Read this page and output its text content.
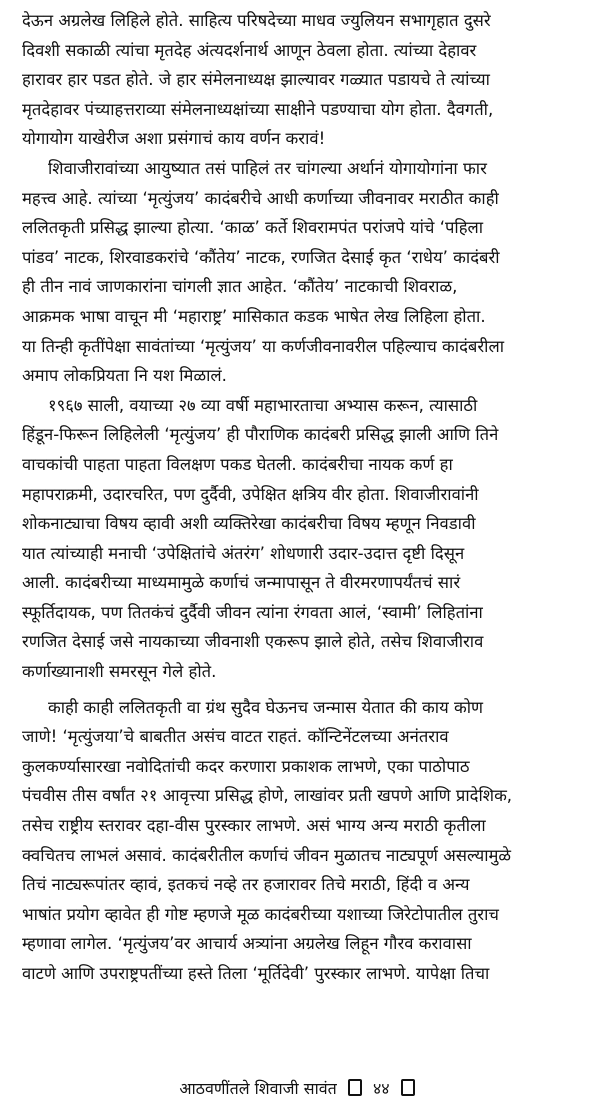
देऊन अग्रलेख लिहिले होते. साहित्य परिषदेच्या माधव ज्युलियन सभागृहात दुसरे

दिवशी सकाळी त्यांचा मृतदेह अंत्यदर्शनार्थ आणून ठेवला होता. त्यांच्या देहावर

हारावर हार पडत होते. जे हार संमेलनाध्यक्ष झाल्यावर गळ्यात पडायचे ते त्यांच्या

मृतदेहावर पंच्याहत्तराव्या संमेलनाध्यक्षांच्या साक्षीने पडण्याचा योग होता. दैवगती,

योगायोग याखेरीज अशा प्रसंगाचं काय वर्णन करावं!

शिवाजीरावांच्या आयुष्यात तसं पाहिलं तर चांगल्या अर्थानं योगायोगांना फार

महत्त्व आहे. त्यांच्या ‘मृत्युंजय’ कादंबरीचे आधी कर्णाच्या जीवनावर मराठीत काही

ललितकृती प्रसिद्ध झाल्या होत्या. ‘काळ’ कर्ते शिवरामपंत परांजपे यांचे ‘पहिला

पांडव’ नाटक, शिरवाडकरांचे ‘कौंतेय’ नाटक, रणजित देसाई कृत ‘राधेय’ कादंबरी

ही तीन नावं जाणकारांना चांगली ज्ञात आहेत. ‘कौंतेय’ नाटकाची शिवराळ,

आक्रमक भाषा वाचून मी ‘महाराष्ट्र’ मासिकात कडक भाषेत लेख लिहिला होता.

या तिन्ही कृतींपेक्षा सावंतांच्या ‘मृत्युंजय’ या कर्णजीवनावरील पहिल्याच कादंबरीला

अमाप लोकप्रियता नि यश मिळालं.

१९६७ साली, वयाच्या २७ व्या वर्षी महाभारताचा अभ्यास करून, त्यासाठी

हिंडून-फिरून लिहिलेली ‘मृत्युंजय’ ही पौराणिक कादंबरी प्रसिद्ध झाली आणि तिने

वाचकांची पाहता पाहता विलक्षण पकड घेतली. कादंबरीचा नायक कर्ण हा

महापराक्रमी, उदारचरित, पण दुर्दैवी, उपेक्षित क्षत्रिय वीर होता. शिवाजीरावांनी

शोकनाट्याचा विषय व्हावी अशी व्यक्तिरेखा कादंबरीचा विषय म्हणून निवडावी

यात त्यांच्याही मनाची ‘उपेक्षितांचे अंतरंग’ शोधणारी उदार-उदात्त दृष्टी दिसून

आली. कादंबरीच्या माध्यमामुळे कर्णाचं जन्मापासून ते वीरमरणापर्यंतचं सारं

स्फूर्तिदायक, पण तितकंचं दुर्दैवी जीवन त्यांना रंगवता आलं, ‘स्वामी’ लिहितांना

रणजित देसाई जसे नायकाच्या जीवनाशी एकरूप झाले होते, तसेच शिवाजीराव

कर्णाख्यानाशी समरसून गेले होते.

काही काही ललितकृती वा ग्रंथ सुदैव घेऊनच जन्मास येतात की काय कोण

जाणे! ‘मृत्युंजया’चे बाबतीत असंच वाटत राहतं. कॉन्टिनेंटलच्या अनंतराव

कुलकर्ण्यासारखा नवोदितांची कदर करणारा प्रकाशक लाभणे, एका पाठोपाठ

पंचवीस तीस वर्षांत २१ आवृत्त्या प्रसिद्ध होणे, लाखांवर प्रती खपणे आणि प्रादेशिक,

तसेच राष्ट्रीय स्तरावर दहा-वीस पुरस्कार लाभणे. असं भाग्य अन्य मराठी कृतीला

क्वचितच लाभलं असावं. कादंबरीतील कर्णाचं जीवन मुळातच नाट्यपूर्ण असल्यामुळे

तिचं नाट्यरूपांतर व्हावं, इतकचं नव्हे तर हजारावर तिचे मराठी, हिंदी व अन्य

भाषांत प्रयोग व्हावेत ही गोष्ट म्हणजे मूळ कादंबरीच्या यशाच्या जिरेटोपातील तुराच

म्हणावा लागेल. ‘मृत्युंजय’वर आचार्य अत्र्यांना अग्रलेख लिहून गौरव करावासा

वाटणे आणि उपराष्ट्रपतींच्या हस्ते तिला ‘मूर्तिदेवी’ पुरस्कार लाभणे. यापेक्षा तिचा

आठवणींतले शिवाजी सावंत ४४
